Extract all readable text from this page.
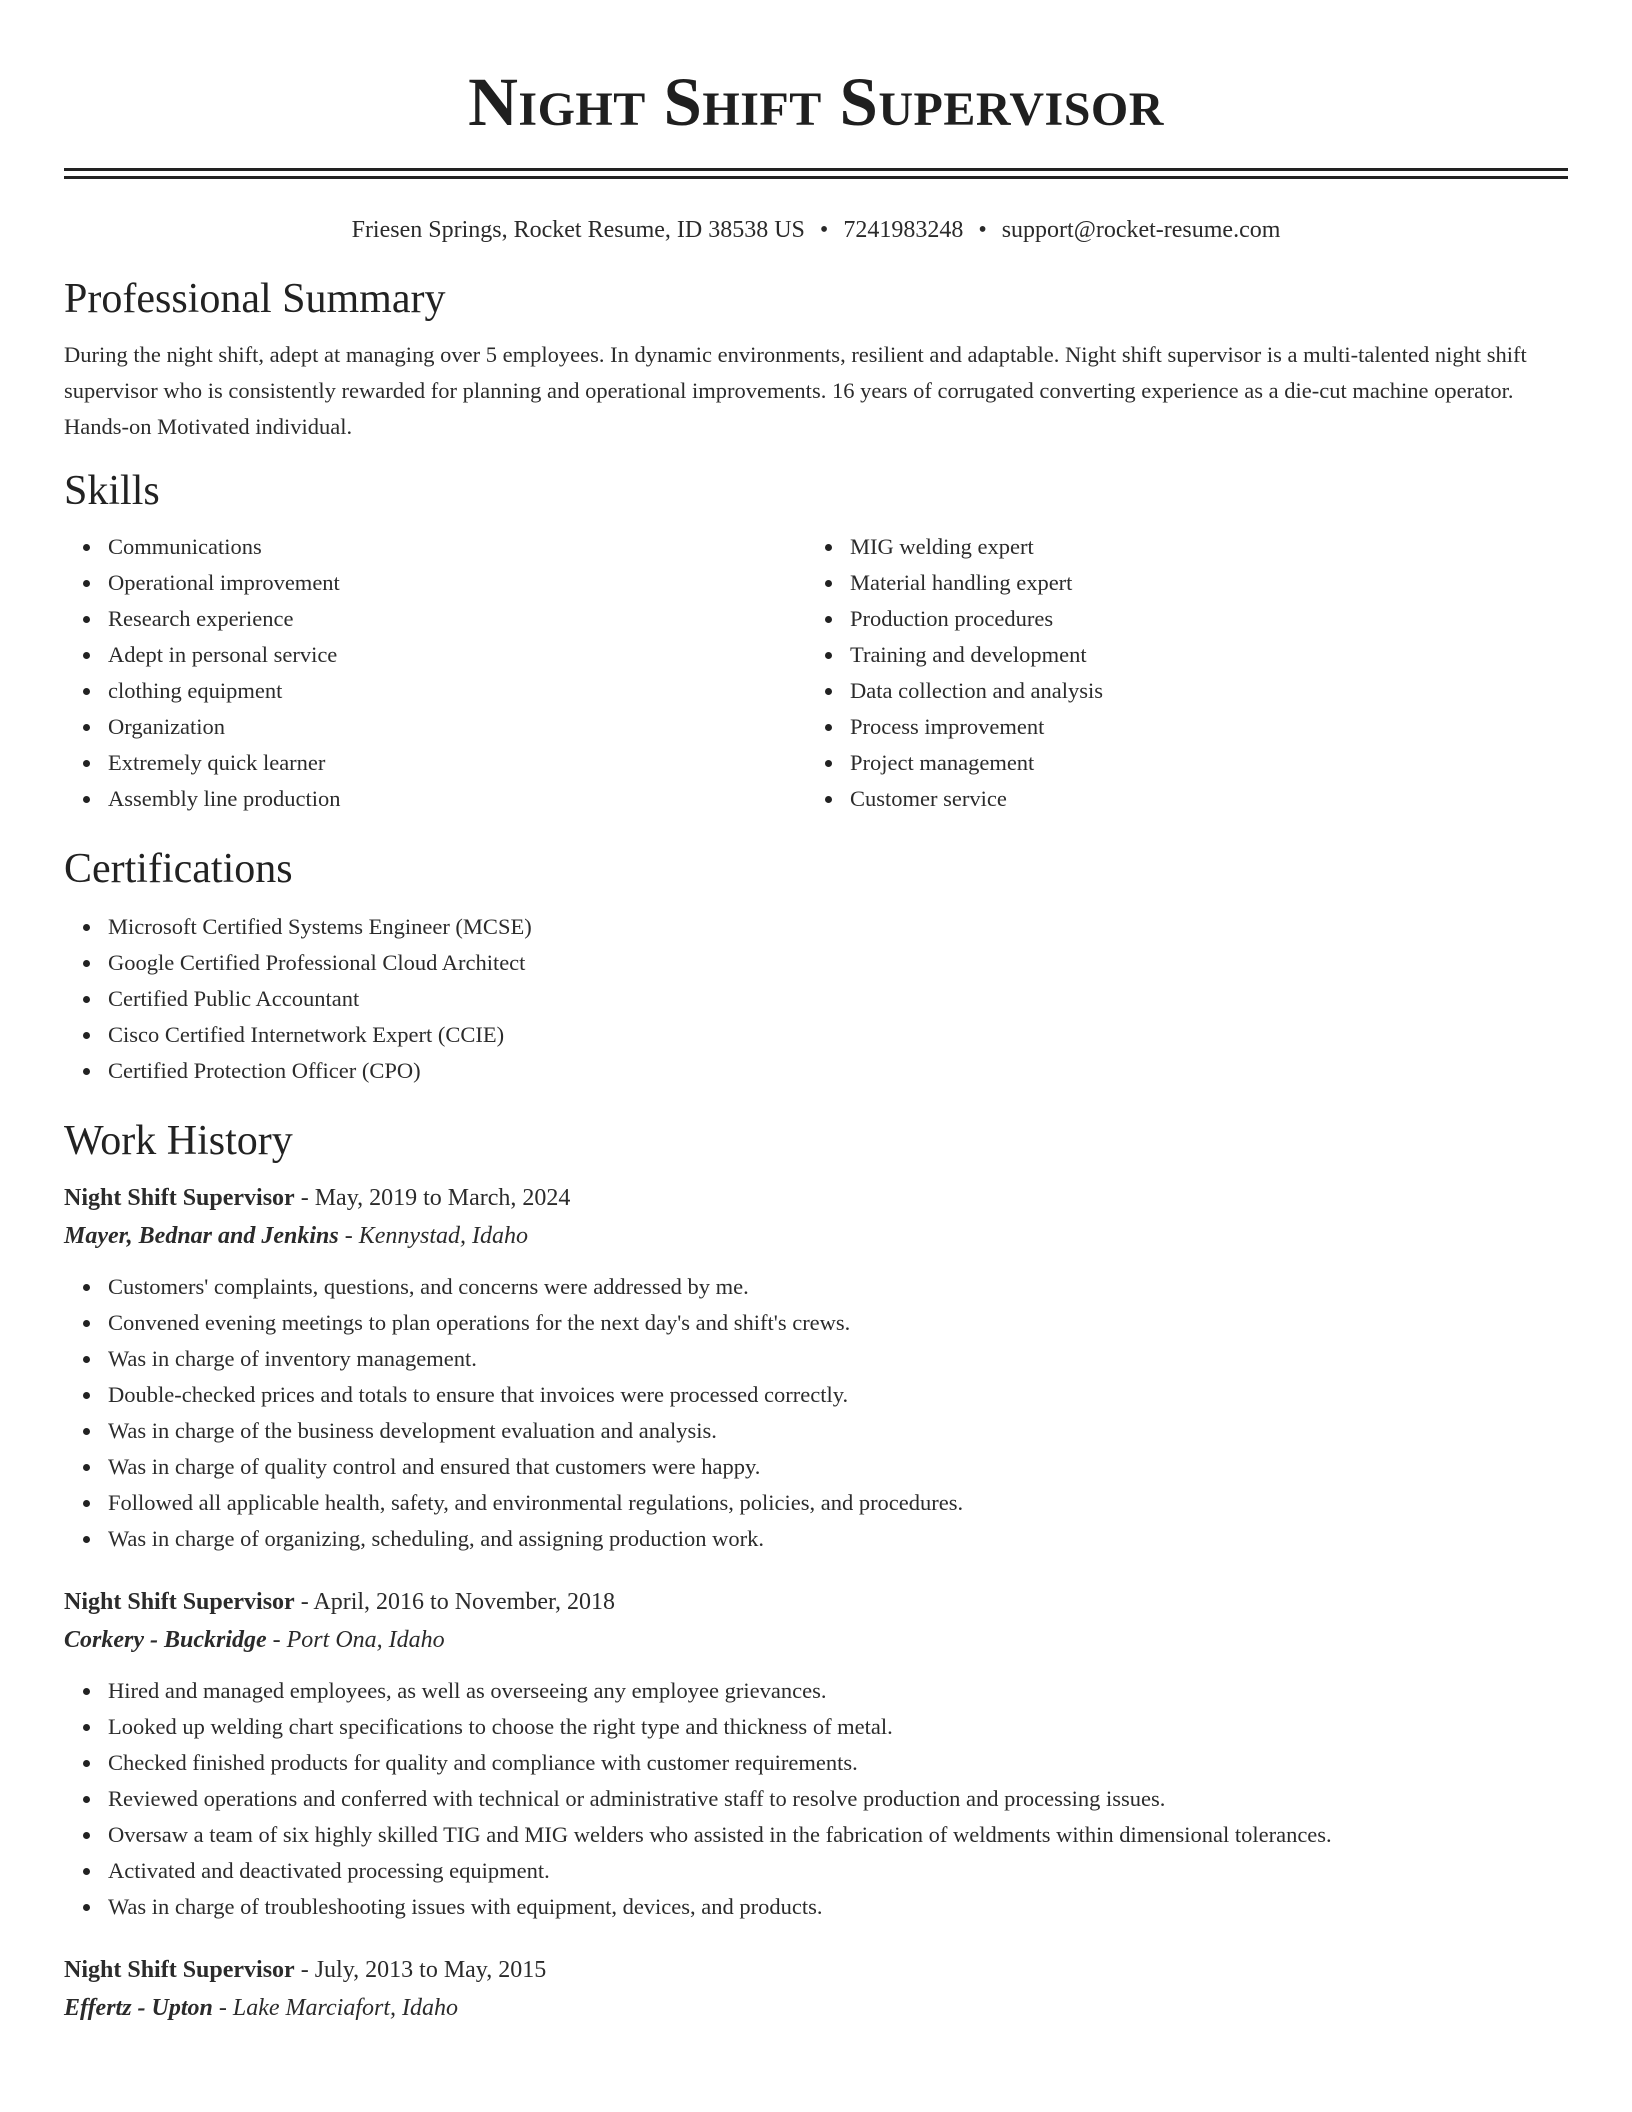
Night Shift Supervisor
Friesen Springs, Rocket Resume, ID 38538 US • 7241983248 • support@rocket-resume.com
Professional Summary

During the night shift, adept at managing over 5 employees. In dynamic environments, resilient and adaptable. Night shift supervisor is a multi-talented night shift supervisor who is consistently rewarded for planning and operational improvements. 16 years of corrugated converting experience as a die-cut machine operator. Hands-on Motivated individual.

Skills
Communications
Operational improvement
Research experience
Adept in personal service
clothing equipment
Organization
Extremely quick learner
Assembly line production
MIG welding expert
Material handling expert
Production procedures
Training and development
Data collection and analysis
Process improvement
Project management
Customer service
Certifications
Microsoft Certified Systems Engineer (MCSE)
Google Certified Professional Cloud Architect
Certified Public Accountant
Cisco Certified Internetwork Expert (CCIE)
Certified Protection Officer (CPO)
Work History
Night Shift Supervisor - May, 2019 to March, 2024
Mayer, Bednar and Jenkins - Kennystad, Idaho
Customers' complaints, questions, and concerns were addressed by me.
Convened evening meetings to plan operations for the next day's and shift's crews.
Was in charge of inventory management.
Double-checked prices and totals to ensure that invoices were processed correctly.
Was in charge of the business development evaluation and analysis.
Was in charge of quality control and ensured that customers were happy.
Followed all applicable health, safety, and environmental regulations, policies, and procedures.
Was in charge of organizing, scheduling, and assigning production work.
Night Shift Supervisor - April, 2016 to November, 2018
Corkery - Buckridge - Port Ona, Idaho
Hired and managed employees, as well as overseeing any employee grievances.
Looked up welding chart specifications to choose the right type and thickness of metal.
Checked finished products for quality and compliance with customer requirements.
Reviewed operations and conferred with technical or administrative staff to resolve production and processing issues.
Oversaw a team of six highly skilled TIG and MIG welders who assisted in the fabrication of weldments within dimensional tolerances.
Activated and deactivated processing equipment.
Was in charge of troubleshooting issues with equipment, devices, and products.
Night Shift Supervisor - July, 2013 to May, 2015
Effertz - Upton - Lake Marciafort, Idaho
